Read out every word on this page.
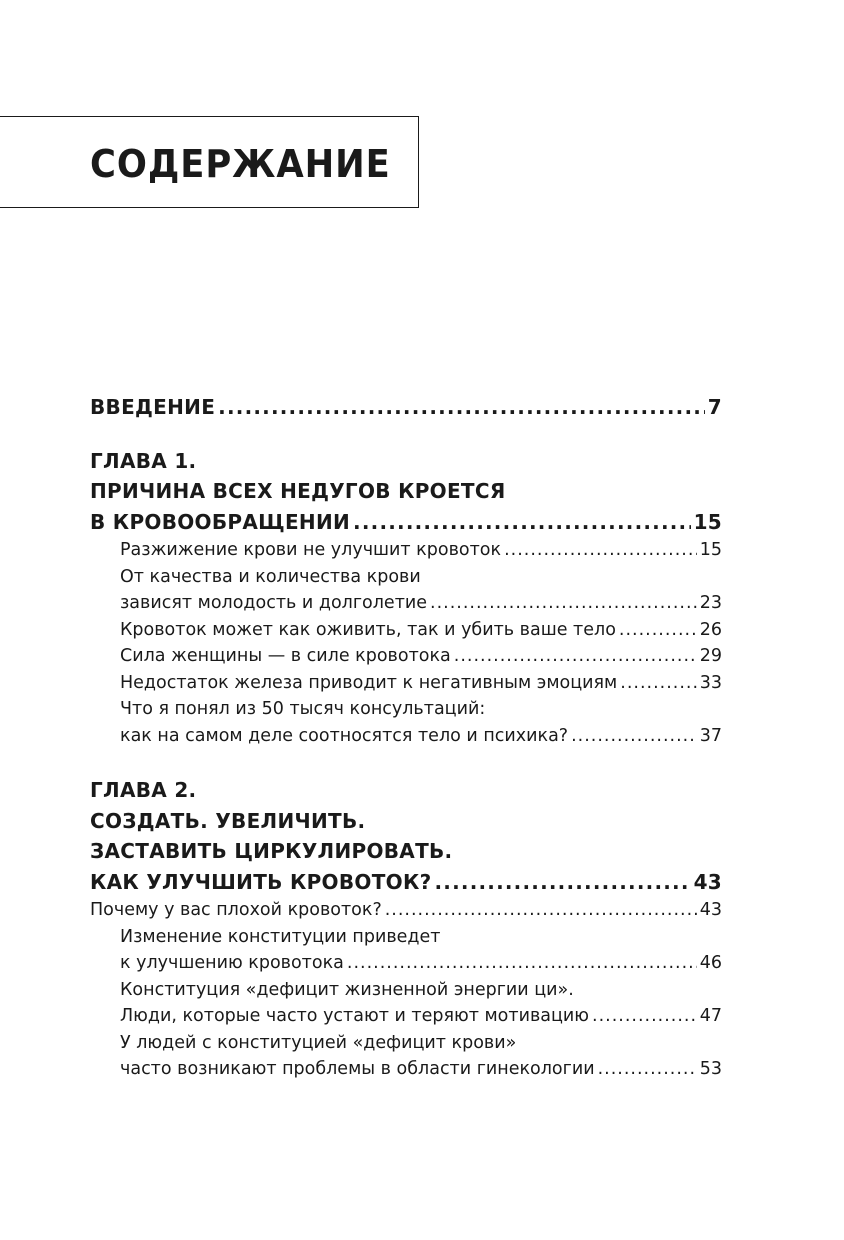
СОДЕРЖАНИЕ
ВВЕДЕНИЕ .....	7
ГЛАВА 1.
ПРИЧИНА ВСЕХ НЕДУГОВ КРОЕТСЯ
В КРОВООБРАЩЕНИИ .....	15
Разжижение крови не улучшит кровоток .....	15
От качества и количества крови
зависят молодость и долголетие .....	23
Кровоток может как оживить, так и убить ваше тело .....	26
Сила женщины — в силе кровотока .....	29
Недостаток железа приводит к негативным эмоциям .....	33
Что я понял из 50 тысяч консультаций:
как на самом деле соотносятся тело и психика? .....	37
ГЛАВА 2.
СОЗДАТЬ. УВЕЛИЧИТЬ.
ЗАСТАВИТЬ ЦИРКУЛИРОВАТЬ.
КАК УЛУЧШИТЬ КРОВОТОК? .....	43
Почему у вас плохой кровоток? .....	43
Изменение конституции приведет
к улучшению кровотока .....	46
Конституция «дефицит жизненной энергии ци».
Люди, которые часто устают и теряют мотивацию .....	47
У людей с конституцией «дефицит крови»
часто возникают проблемы в области гинекологии .....	53
